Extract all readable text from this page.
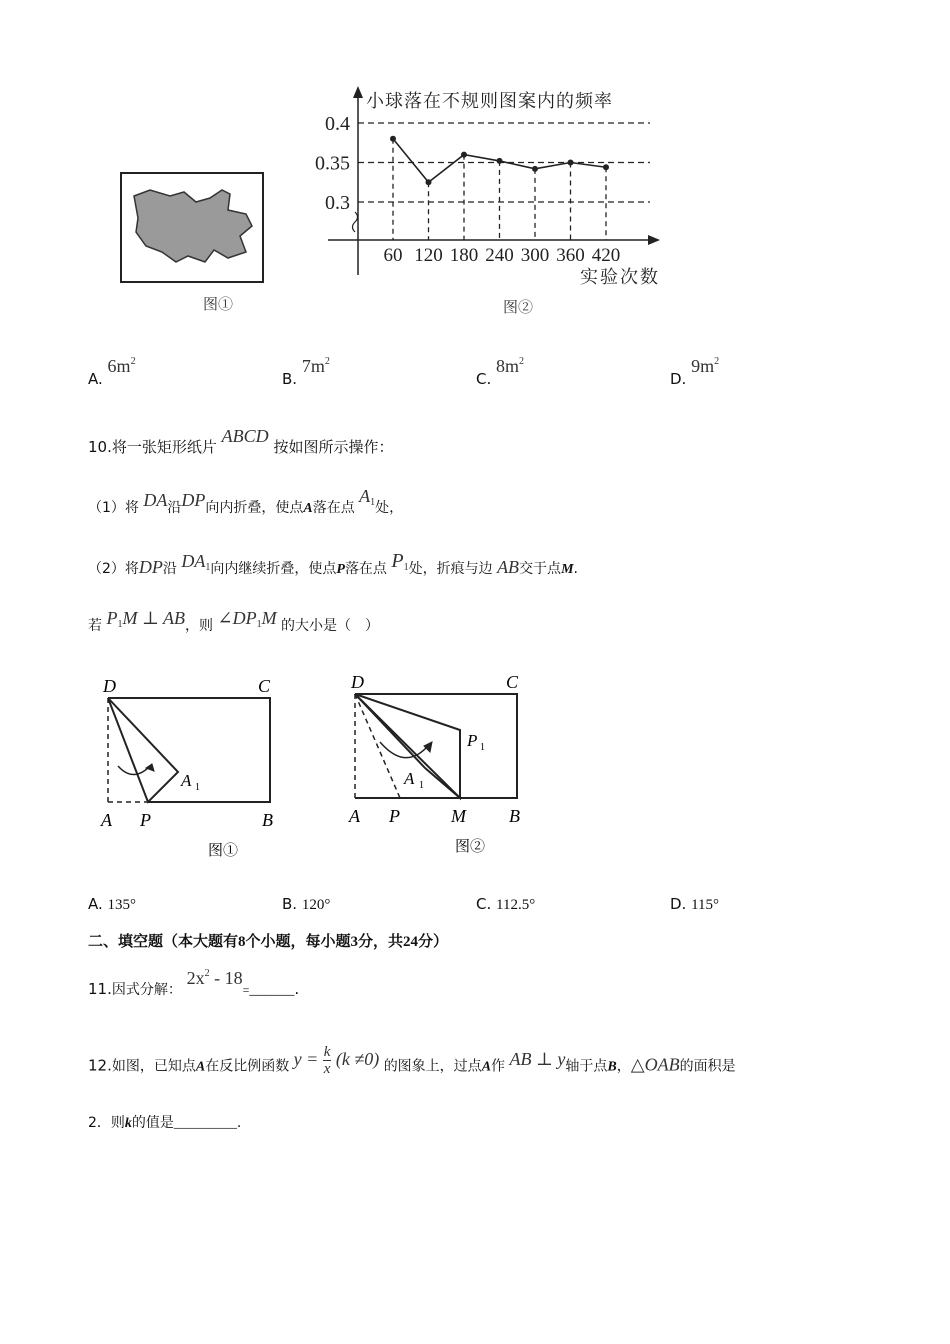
图①
0.4
0.35
0.3
60 120 180 240 300 360 420
小球落在不规则图案内的频率
实验次数
图②
A. $6m^2$
B. $7m^2$
C. $8m^2$
D. $9m^2$
10.将一张矩形纸片 ABCD 按如图所示操作：
（1）将 DA沿DP向内折叠，使点A落在点 $A_1$处，
（2）将DP沿 $DA_1$向内继续折叠，使点P落在点 $P_1$处，折痕与边 AB交于点M.
若 $P_1M$ ⊥ AB，则 $\angle DP_1M$ 的大小是（　）
D	C
A P	B
A 1
图①
D	C
A P	M B
A 1
P 1
图②
A. 135°	B. 120°	C. 112.5°	D. 115°
二、填空题（本大题有8个小题，每小题3分，共24分）
11.因式分解： $2x^2$ - 18=______.
12.如图，已知点A在反比例函数 $y = \frac{k}{x} (k \ne 0)$ 的图象上，过点A作 AB ⊥ y轴于点B，△OAB的面积是
2．则k的值是_________.
